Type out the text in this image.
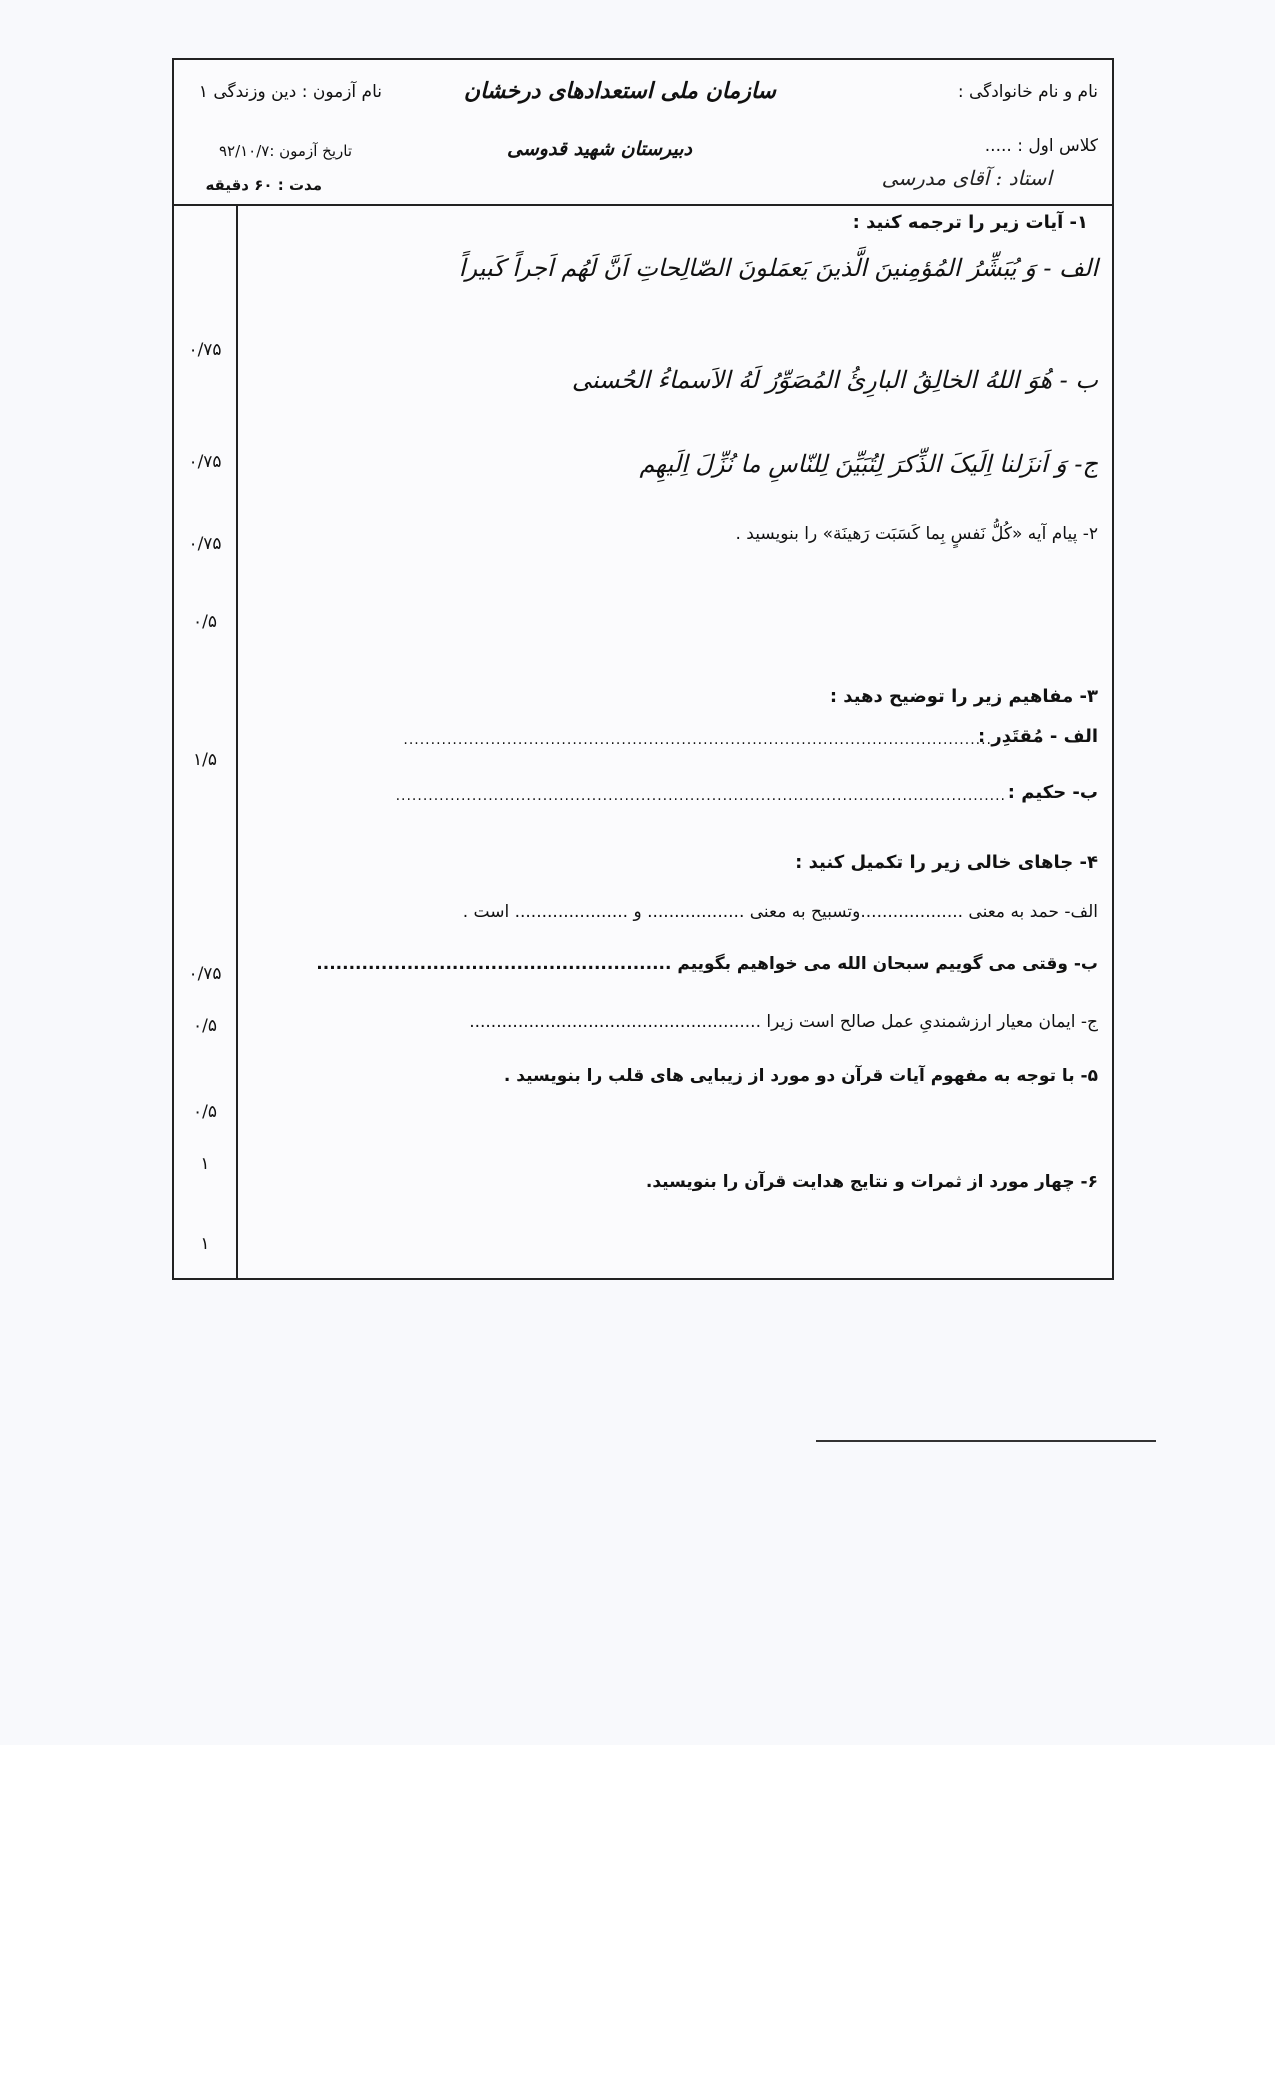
نام و نام خانوادگی :
سازمان ملی استعدادهای درخشان
نام آزمون : دین وزندگی ۱
کلاس اول : .....
دبیرستان شهید قدوسی
تاریخ آزمون :۹۲/۱۰/۷
استاد : آقای مدرسی
مدت : ۶۰ دقیقه
۰/۷۵
۰/۷۵
۰/۷۵
۰/۵
۱/۵
۰/۷۵
۰/۵
۰/۵
۱
۱
۱- آیات زیر را ترجمه کنید :
الف - وَ یُبَشِّرُ المُؤمِنینَ الَّذینَ یَعمَلونَ الصّالِحاتِ اَنَّ لَهُم اَجراً کَبیراً
ب - هُوَ اللهُ الخالِقُ البارِئُ المُصَوِّرُ لَهُ الاَسماءُ الحُسنی
ج- وَ اَنزَلنا اِلَیکَ الذِّکرَ لِتُبَیِّنَ لِلنّاسِ ما نُزِّلَ اِلَیهِم
۲- پیام آیه «کُلُّ نَفسٍ بِما کَسَبَت رَهینَة» را بنویسید .
۳- مفاهیم زیر را توضیح دهید :
الف - مُقتَدِر :
............................................................................................................
ب- حکیم :
................................................................................................................
۴- جاهای خالی زیر را تکمیل کنید :
الف- حمد به معنی ...................وتسبیح به معنی .................. و ..................... است .
ب- وقتی می گوییم سبحان الله می خواهیم بگوییم .......................................................
ج- ایمان معیار ارزشمندیِ عمل صالح است زیرا ......................................................
۵- با توجه به مفهوم آیات قرآن دو مورد از زیبایی های قلب را بنویسید .
۶- چهار مورد از ثمرات و نتایج هدایت قرآن را بنویسید.
